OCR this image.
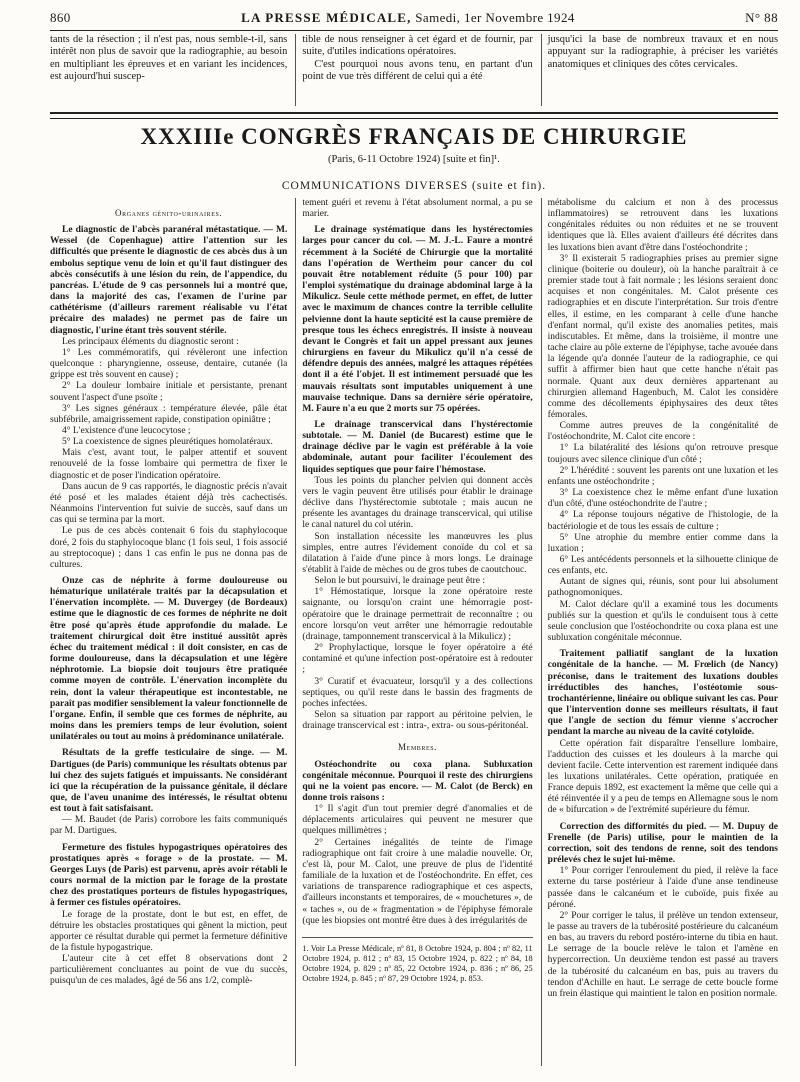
860	LA PRESSE MÉDICALE, Samedi, 1er Novembre 1924	N° 88
tants de la résection ; il n'est pas, nous semble-t-il, sans intérêt non plus de savoir que la radiographie, au besoin en multipliant les épreuves et en variant les incidences, est aujourd'hui suscep-
tible de nous renseigner à cet égard et de fournir, par suite, d'utiles indications opératoires.
C'est pourquoi nous avons tenu, en partant d'un point de vue très différent de celui qui a été
jusqu'ici la base de nombreux travaux et en nous appuyant sur la radiographie, à préciser les variétés anatomiques et cliniques des côtes cervicales.
XXXIIIe CONGRÈS FRANÇAIS DE CHIRURGIE
(Paris, 6-11 Octobre 1924) [suite et fin]¹.
COMMUNICATIONS DIVERSES (suite et fin).

Organes génito-urinaires.

Le diagnostic de l'abcès paranéral métastatique. — M. Wessel (de Copenhague) attire l'attention sur les difficultés que présente le diagnostic de ces abcès dus à un embolus septique venu de loin et qu'il faut distinguer des abcès consécutifs à une lésion du rein, de l'appendice, du pancréas. L'étude de 9 cas personnels lui a montré que, dans la majorité des cas, l'examen de l'urine par cathétérisme (d'ailleurs rarement réalisable vu l'état précaire des malades) ne permet pas de faire un diagnostic, l'urine étant très souvent stérile.

Les principaux éléments du diagnostic seront :

1° Les commémoratifs, qui révèleront une infection quelconque : pharyngienne, osseuse, dentaire, cutanée (la grippe est très souvent en cause) ;

2° La douleur lombaire initiale et persistante, prenant souvent l'aspect d'une psoïte ;

3° Les signes généraux : température élevée, pâle état subfébrile, amaigrissement rapide, constipation opiniâtre ;

4° L'existence d'une leucocytose ;

5° La coexistence de signes pleurétiques homolatéraux.

Mais c'est, avant tout, le palper attentif et souvent renouvelé de la fosse lombaire qui permettra de fixer le diagnostic et de poser l'indication opératoire.

Dans aucun de 9 cas rapportés, le diagnostic précis n'avait été posé et les malades étaient déjà très cachectisés. Néanmoins l'intervention fut suivie de succès, sauf dans un cas qui se termina par la mort.

Le pus de ces abcès contenait 6 fois du staphylocoque doré, 2 fois du staphylocoque blanc (1 fois seul, 1 fois associé au streptocoque) ; dans 1 cas enfin le pus ne donna pas de cultures.

Onze cas de néphrite à forme douloureuse ou hématurique unilatérale traités par la décapsulation et l'énervation incomplète. — M. Duvergey (de Bordeaux) estime que le diagnostic de ces formes de néphrite ne doit être posé qu'après étude approfondie du malade. Le traitement chirurgical doit être institué aussitôt après échec du traitement médical : il doit consister, en cas de forme douloureuse, dans la décapsulation et une légère néphrotomie. La biopsie doit toujours être pratiquée comme moyen de contrôle. L'énervation incomplète du rein, dont la valeur thérapeutique est incontestable, ne paraît pas modifier sensiblement la valeur fonctionnelle de l'organe. Enfin, il semble que ces formes de néphrite, au moins dans les premiers temps de leur évolution, soient unilatérales ou tout au moins à prédominance unilatérale.

Résultats de la greffe testiculaire de singe. — M. Dartigues (de Paris) communique les résultats obtenus par lui chez des sujets fatigués et impuissants. Ne considérant ici que la récupération de la puissance génitale, il déclare que, de l'aveu unanime des intéressés, le résultat obtenu est tout à fait satisfaisant.

— M. Baudet (de Paris) corrobore les faits communiqués par M. Dartigues.

Fermeture des fistules hypogastriques opératoires des prostatiques après « forage » de la prostate. — M. Georges Luys (de Paris) est parvenu, après avoir rétabli le cours normal de la miction par le forage de la prostate chez des prostatiques porteurs de fistules hypogastriques, à fermer ces fistules opératoires.

Le forage de la prostate, dont le but est, en effet, de détruire les obstacles prostatiques qui gênent la miction, peut apporter ce résultat durable qui permet la fermeture définitive de la fistule hypogastrique.

L'auteur cite à cet effet 8 observations dont 2 particulièrement concluantes au point de vue du succès, puisqu'un de ces malades, âgé de 56 ans 1/2, complè-

tement guéri et revenu à l'état absolument normal, a pu se marier.

Le drainage systématique dans les hystérectomies larges pour cancer du col. — M. J.-L. Faure a montré récemment à la Société de Chirurgie que la mortalité dans l'opération de Wertheim pour cancer du col pouvait être notablement réduite (5 pour 100) par l'emploi systématique du drainage abdominal large à la Mikulicz. Seule cette méthode permet, en effet, de lutter avec le maximum de chances contre la terrible cellulite pelvienne dont la haute septicité est la cause première de presque tous les échecs enregistrés. Il insiste à nouveau devant le Congrès et fait un appel pressant aux jeunes chirurgiens en faveur du Mikulicz qu'il n'a cessé de défendre depuis des années, malgré les attaques répétées dont il a été l'objet. Il est intimement persuadé que les mauvais résultats sont imputables uniquement à une mauvaise technique. Dans sa dernière série opératoire, M. Faure n'a eu que 2 morts sur 75 opérées.

Le drainage transcervical dans l'hystérectomie subtotale. — M. Daniel (de Bucarest) estime que le drainage déclive par le vagin est préférable à la voie abdominale, autant pour faciliter l'écoulement des liquides septiques que pour faire l'hémostase.

Tous les points du plancher pelvien qui donnent accès vers le vagin peuvent être utilisés pour établir le drainage déclive dans l'hystérectomie subtotale ; mais aucun ne présente les avantages du drainage transcervical, qui utilise le canal naturel du col utérin.

Son installation nécessite les manœuvres les plus simples, entre autres l'évidement conoïde du col et sa dilatation à l'aide d'une pince à mors longs. Le drainage s'établit à l'aide de mèches ou de gros tubes de caoutchouc.

Selon le but poursuivi, le drainage peut être :

1° Hémostatique, lorsque la zone opératoire reste saignante, ou lorsqu'on craint une hémorragie post-opératoire que le drainage permettrait de reconnaître ; ou encore lorsqu'on veut arrêter une hémorragie redoutable (drainage, tamponnement transcervical à la Mikulicz) ;

2° Prophylactique, lorsque le foyer opératoire a été contaminé et qu'une infection post-opératoire est à redouter ;

3° Curatif et évacuateur, lorsqu'il y a des collections septiques, ou qu'il reste dans le bassin des fragments de poches infectées.

Selon sa situation par rapport au péritoine pelvien, le drainage transcervical est : intra-, extra- ou sous-péritonéal.

Membres.

Ostéochondrite ou coxa plana. Subluxation congénitale méconnue. Pourquoi il reste des chirurgiens qui ne la voient pas encore. — M. Calot (de Berck) en donne trois raisons :

1° Il s'agit d'un tout premier degré d'anomalies et de déplacements articulaires qui peuvent ne mesurer que quelques millimètres ;

2° Certaines inégalités de teinte de l'image radiographique ont fait croire à une maladie nouvelle. Or, c'est là, pour M. Calot, une preuve de plus de l'identité familiale de la luxation et de l'ostéochondrite. En effet, ces variations de transparence radiographique et ces aspects, d'ailleurs inconstants et temporaires, de « mouchetures », de « taches », ou de « fragmentation » de l'épiphyse fémorale (que les biopsies ont montré être dues à des irrégularités de

1. Voir La Presse Médicale, nº 81, 8 Octobre 1924, p. 804 ; nº 82, 11 Octobre 1924, p. 812 ; nº 83, 15 Octobre 1924, p. 822 ; nº 84, 18 Octobre 1924, p. 829 ; nº 85, 22 Octobre 1924, p. 836 ; nº 86, 25 Octobre 1924, p. 845 ; nº 87, 29 Octobre 1924, p. 853.

métabolisme du calcium et non à des processus inflammatoires) se retrouvent dans les luxations congénitales réduites ou non réduites et ne se trouvent identiques que là. Elles avaient d'ailleurs été décrites dans les luxations bien avant d'être dans l'ostéochondrite ;

3° Il existerait 5 radiographies prises au premier signe clinique (boiterie ou douleur), où la hanche paraîtrait à ce premier stade tout à fait normale ; les lésions seraient donc acquises et non congénitales. M. Calot présente ces radiographies et en discute l'interprétation. Sur trois d'entre elles, il estime, en les comparant à celle d'une hanche d'enfant normal, qu'il existe des anomalies petites, mais indiscutables. Et même, dans la troisième, il montre une tache claire au pôle externe de l'épiphyse, tache avouée dans la légende qu'a donnée l'auteur de la radiographie, ce qui suffit à affirmer bien haut que cette hanche n'était pas normale. Quant aux deux dernières appartenant au chirurgien allemand Hagenbuch, M. Calot les considère comme des décollements épiphysaires des deux têtes fémorales.

Comme autres preuves de la congénitalité de l'ostéochondrite, M. Calot cite encore :

1° La bilatéralité des lésions qu'on retrouve presque toujours avec silence clinique d'un côté ;

2° L'hérédité : souvent les parents ont une luxation et les enfants une ostéochondrite ;

3° La coexistence chez le même enfant d'une luxation d'un côté, d'une ostéochondrite de l'autre ;

4° La réponse toujours négative de l'histologie, de la bactériologie et de tous les essais de culture ;

5° Une atrophie du membre entier comme dans la luxation ;

6° Les antécédents personnels et la silhouette clinique de ces enfants, etc.

Autant de signes qui, réunis, sont pour lui absolument pathognomoniques.

M. Calot déclare qu'il a examiné tous les documents publiés sur la question et qu'ils le conduisent tous à cette seule conclusion que l'ostéochondrite ou coxa plana est une subluxation congénitale méconnue.

Traitement palliatif sanglant de la luxation congénitale de la hanche. — M. Frœlich (de Nancy) préconise, dans le traitement des luxations doubles irréductibles des hanches, l'ostéotomie sous-trochantérienne, linéaire ou oblique suivant les cas. Pour que l'intervention donne ses meilleurs résultats, il faut que l'angle de section du fémur vienne s'accrocher pendant la marche au niveau de la cavité cotyloïde.

Cette opération fait disparaître l'ensellure lombaire, l'adduction des cuisses et les douleurs à la marche qui devient facile. Cette intervention est rarement indiquée dans les luxations unilatérales. Cette opération, pratiquée en France depuis 1892, est exactement la même que celle qui a été réinventée il y a peu de temps en Allemagne sous le nom de « bifurcation » de l'extrémité supérieure du fémur.

Correction des difformités du pied. — M. Dupuy de Frenelle (de Paris) utilise, pour le maintien de la correction, soit des tendons de renne, soit des tendons prélevés chez le sujet lui-même.

1° Pour corriger l'enroulement du pied, il relève la face externe du tarse postérieur à l'aide d'une anse tendineuse passée dans le calcanéum et le cuboïde, puis fixée au péroné.

2° Pour corriger le talus, il prélève un tendon extenseur, le passe au travers de la tubérosité postérieure du calcanéum en bas, au travers du rebord postéro-interne du tibia en haut. Le serrage de la boucle relève le talon et l'amène en hypercorrection. Un deuxième tendon est passé au travers de la tubérosité du calcanéum en bas, puis au travers du tendon d'Achille en haut. Le serrage de cette boucle forme un frein élastique qui maintient le talon en position normale.
